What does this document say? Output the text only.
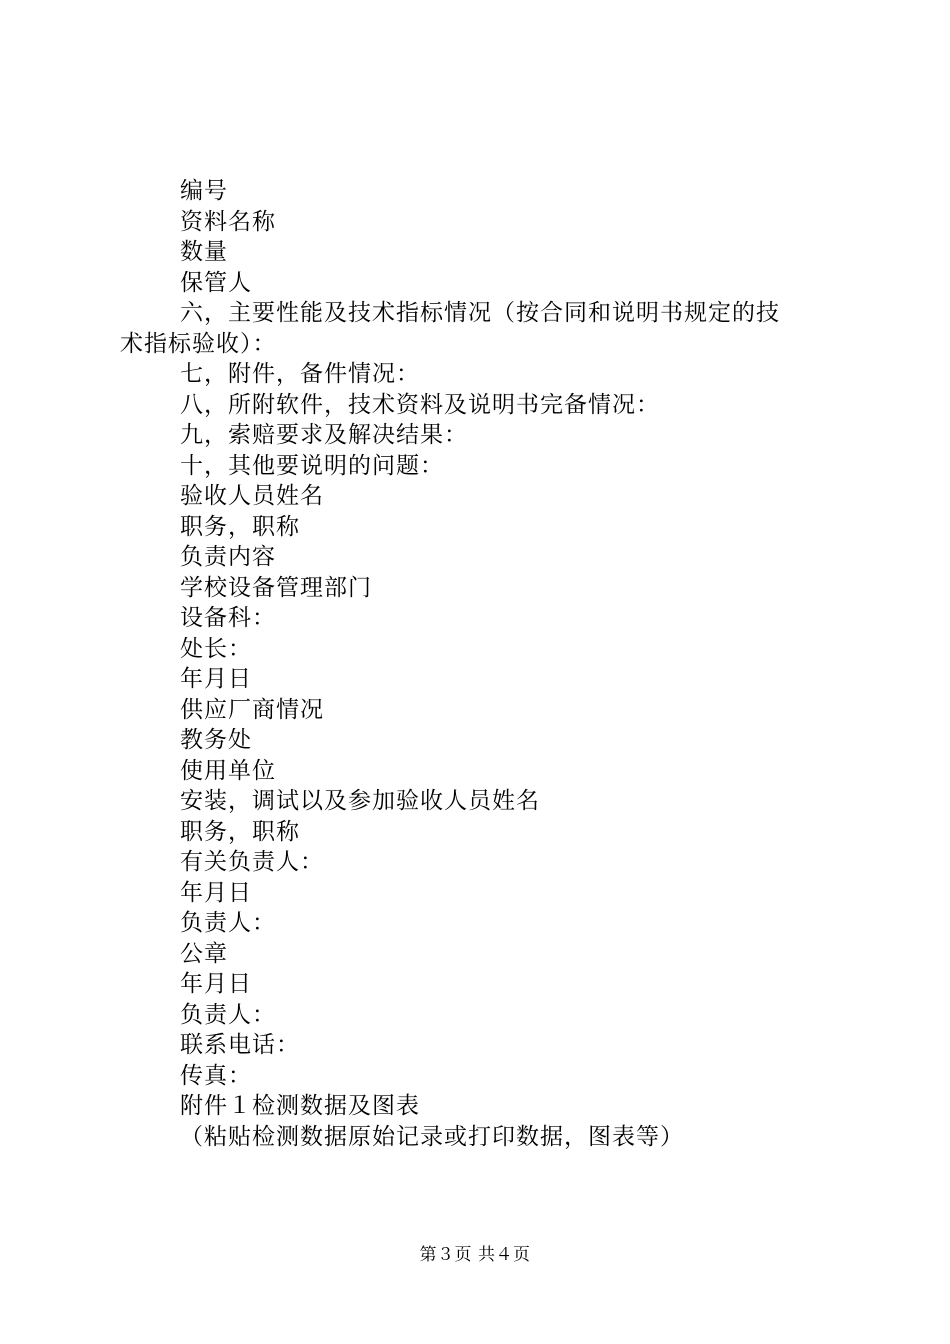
编号
资料名称
数量
保管人
六，主要性能及技术指标情况（按合同和说明书规定的技
术指标验收）：
七，附件，备件情况：
八，所附软件，技术资料及说明书完备情况：
九，索赔要求及解决结果：
十，其他要说明的问题：
验收人员姓名
职务，职称
负责内容
学校设备管理部门
设备科：
处长：
年月日
供应厂商情况
教务处
使用单位
安装，调试以及参加验收人员姓名
职务，职称
有关负责人：
年月日
负责人：
公章
年月日
负责人：
联系电话：
传真：
附件１检测数据及图表
（粘贴检测数据原始记录或打印数据，图表等）
第３页 共４页
